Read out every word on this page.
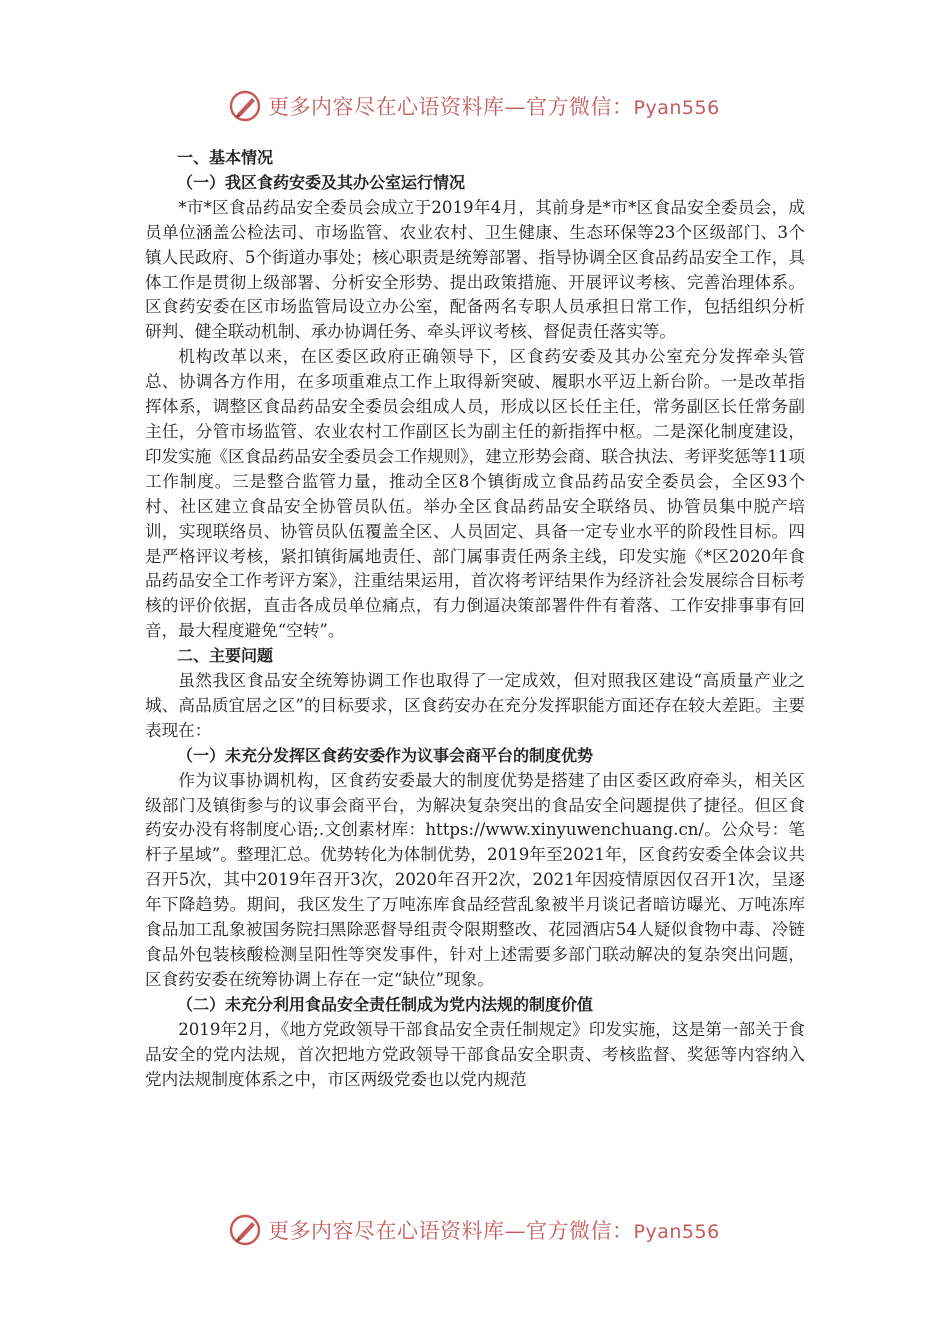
更多内容尽在心语资料库—官方微信：Pyan556

一、基本情况

（一）我区食药安委及其办公室运行情况

*市*区食品药品安全委员会成立于2019年4月，其前身是*市*区食品安全委员会，成员单位涵盖公检法司、市场监管、农业农村、卫生健康、生态环保等23个区级部门、3个镇人民政府、5个街道办事处；核心职责是统筹部署、指导协调全区食品药品安全工作，具体工作是贯彻上级部署、分析安全形势、提出政策措施、开展评议考核、完善治理体系。区食药安委在区市场监管局设立办公室，配备两名专职人员承担日常工作，包括组织分析研判、健全联动机制、承办协调任务、牵头评议考核、督促责任落实等。

机构改革以来，在区委区政府正确领导下，区食药安委及其办公室充分发挥牵头管总、协调各方作用，在多项重难点工作上取得新突破、履职水平迈上新台阶。一是改革指挥体系，调整区食品药品安全委员会组成人员，形成以区长任主任，常务副区长任常务副主任，分管市场监管、农业农村工作副区长为副主任的新指挥中枢。二是深化制度建设，印发实施《区食品药品安全委员会工作规则》，建立形势会商、联合执法、考评奖惩等11项工作制度。三是整合监管力量，推动全区8个镇街成立食品药品安全委员会，全区93个村、社区建立食品安全协管员队伍。举办全区食品药品安全联络员、协管员集中脱产培训，实现联络员、协管员队伍覆盖全区、人员固定、具备一定专业水平的阶段性目标。四是严格评议考核，紧扣镇街属地责任、部门属事责任两条主线，印发实施《*区2020年食品药品安全工作考评方案》，注重结果运用，首次将考评结果作为经济社会发展综合目标考核的评价依据，直击各成员单位痛点，有力倒逼决策部署件件有着落、工作安排事事有回音，最大程度避免“空转”。

二、主要问题

虽然我区食品安全统筹协调工作也取得了一定成效，但对照我区建设“高质量产业之城、高品质宜居之区”的目标要求，区食药安办在充分发挥职能方面还存在较大差距。主要表现在：

（一）未充分发挥区食药安委作为议事会商平台的制度优势

作为议事协调机构，区食药安委最大的制度优势是搭建了由区委区政府牵头，相关区级部门及镇街参与的议事会商平台，为解决复杂突出的食品安全问题提供了捷径。但区食药安办没有将制度心语;.文创素材库：https://www.xinyuwenchuang.cn/。公众号：笔杆子星域”。整理汇总。优势转化为体制优势，2019年至2021年，区食药安委全体会议共召开5次，其中2019年召开3次，2020年召开2次，2021年因疫情原因仅召开1次，呈逐年下降趋势。期间，我区发生了万吨冻库食品经营乱象被半月谈记者暗访曝光、万吨冻库食品加工乱象被国务院扫黑除恶督导组责令限期整改、花园酒店54人疑似食物中毒、冷链食品外包装核酸检测呈阳性等突发事件，针对上述需要多部门联动解决的复杂突出问题，区食药安委在统筹协调上存在一定“缺位”现象。

（二）未充分利用食品安全责任制成为党内法规的制度价值

2019年2月，《地方党政领导干部食品安全责任制规定》印发实施，这是第一部关于食品安全的党内法规，首次把地方党政领导干部食品安全职责、考核监督、奖惩等内容纳入党内法规制度体系之中，市区两级党委也以党内规范

更多内容尽在心语资料库—官方微信：Pyan556
